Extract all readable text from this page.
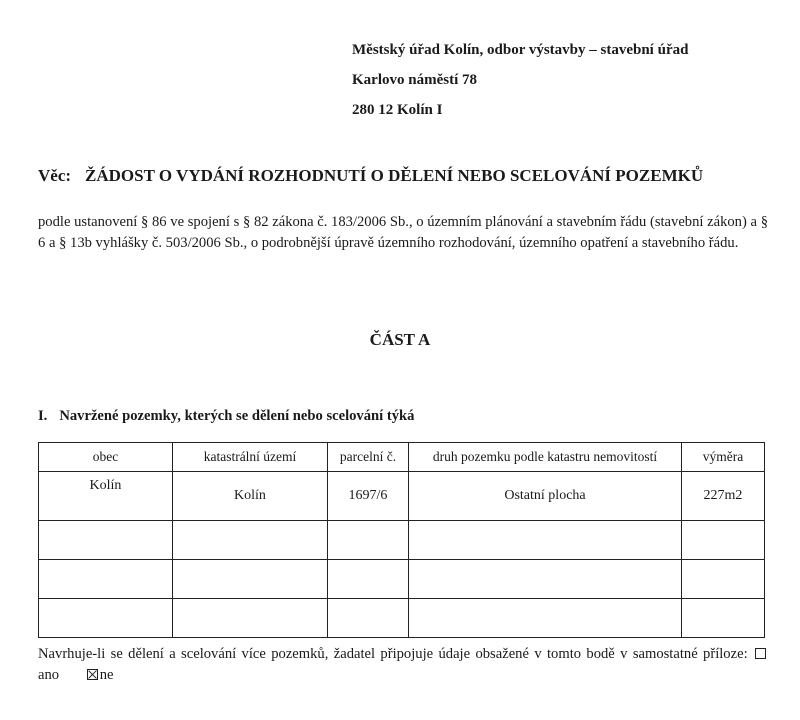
Městský úřad Kolín, odbor výstavby – stavební úřad
Karlovo náměstí 78
280 12 Kolín I
Věc: ŽÁDOST O VYDÁNÍ ROZHODNUTÍ O DĚLENÍ NEBO SCELOVÁNÍ POZEMKŮ
podle ustanovení § 86 ve spojení s § 82 zákona č. 183/2006 Sb., o územním plánování a stavebním řádu (stavební zákon) a § 6 a § 13b vyhlášky č. 503/2006 Sb., o podrobnější úpravě územního rozhodování, územního opatření a stavebního řádu.
ČÁST A
I. Navržené pozemky, kterých se dělení nebo scelování týká
obec	katastrální území	parcelní č.	druh pozemku podle katastru nemovitostí	výměra
Kolín	Kolín	1697/6	Ostatní plocha	227m2

Navrhuje-li se dělení a scelování více pozemků, žadatel připojuje údaje obsažené v tomto bodě v samostatné příloze: ano	ne
